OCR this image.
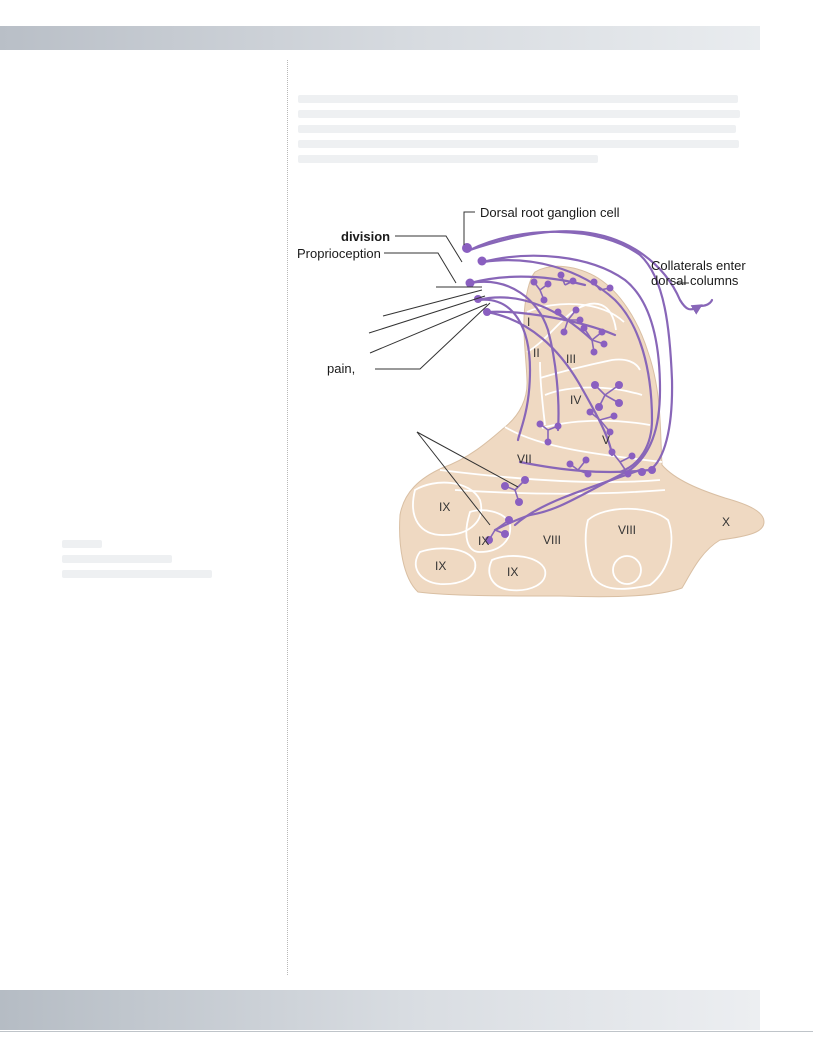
Dorsal root ganglion cell
division
Proprioception
pain,
Collaterals enter
dorsal columns
I
II III
IV
V
VII
IX
IX	VIII
VIII
IX	IX
X
